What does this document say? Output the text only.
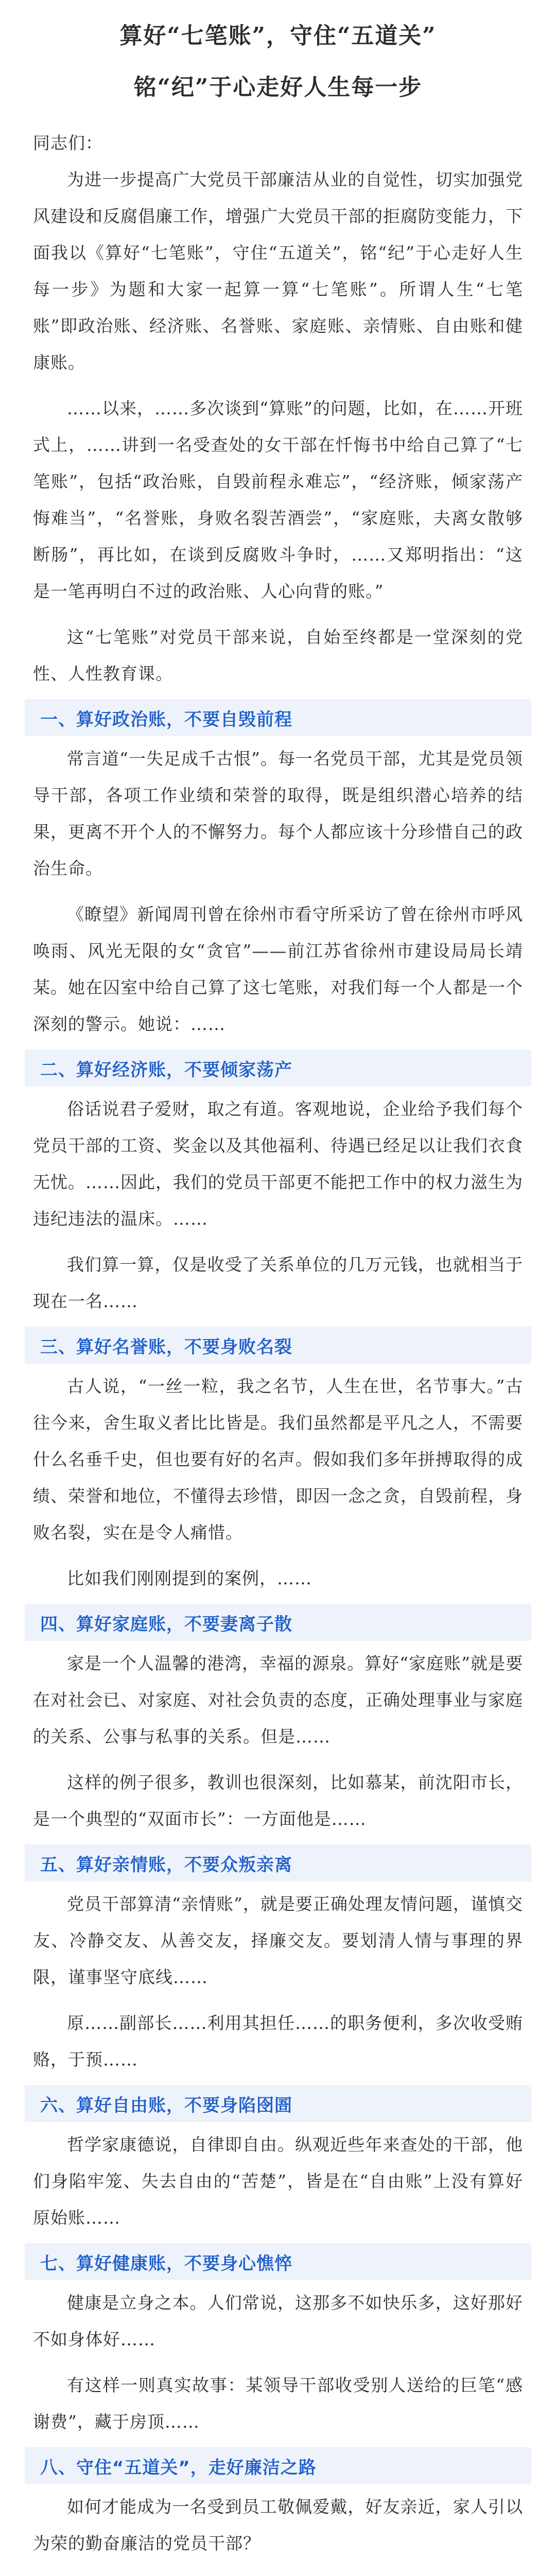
算好“七笔账”，守住“五道关”
铭“纪”于心走好人生每一步

同志们：

为进一步提高广大党员干部廉洁从业的自觉性，切实加强党风建设和反腐倡廉工作，增强广大党员干部的拒腐防变能力，下面我以《算好“七笔账”，守住“五道关”，铭“纪”于心走好人生每一步》为题和大家一起算一算“七笔账”。所谓人生“七笔账”即政治账、经济账、名誉账、家庭账、亲情账、自由账和健康账。

……以来，……多次谈到“算账”的问题，比如，在……开班式上，……讲到一名受查处的女干部在忏悔书中给自己算了“七笔账”，包括“政治账，自毁前程永难忘”，“经济账，倾家荡产悔难当”，“名誉账，身败名裂苦酒尝”，“家庭账，夫离女散够断肠”，再比如，在谈到反腐败斗争时，……又郑明指出：“这是一笔再明白不过的政治账、人心向背的账。”

这“七笔账”对党员干部来说，自始至终都是一堂深刻的党性、人性教育课。

一、算好政治账，不要自毁前程

常言道“一失足成千古恨”。每一名党员干部，尤其是党员领导干部，各项工作业绩和荣誉的取得，既是组织潜心培养的结果，更离不开个人的不懈努力。每个人都应该十分珍惜自己的政治生命。

《瞭望》新闻周刊曾在徐州市看守所采访了曾在徐州市呼风唤雨、风光无限的女“贪官”——前江苏省徐州市建设局局长靖某。她在囚室中给自己算了这七笔账，对我们每一个人都是一个深刻的警示。她说：……

二、算好经济账，不要倾家荡产

俗话说君子爱财，取之有道。客观地说，企业给予我们每个党员干部的工资、奖金以及其他福利、待遇已经足以让我们衣食无忧。……因此，我们的党员干部更不能把工作中的权力滋生为违纪违法的温床。……

我们算一算，仅是收受了关系单位的几万元钱，也就相当于现在一名……

三、算好名誉账，不要身败名裂

古人说，“一丝一粒，我之名节，人生在世，名节事大。”古往今来，舍生取义者比比皆是。我们虽然都是平凡之人，不需要什么名垂千史，但也要有好的名声。假如我们多年拼搏取得的成绩、荣誉和地位，不懂得去珍惜，即因一念之贪，自毁前程，身败名裂，实在是令人痛惜。

比如我们刚刚提到的案例，……

四、算好家庭账，不要妻离子散

家是一个人温馨的港湾，幸福的源泉。算好“家庭账”就是要在对社会已、对家庭、对社会负责的态度，正确处理事业与家庭的关系、公事与私事的关系。但是……

这样的例子很多，教训也很深刻，比如慕某，前沈阳市长，是一个典型的“双面市长”：一方面他是……

五、算好亲情账，不要众叛亲离

党员干部算清“亲情账”，就是要正确处理友情问题，谨慎交友、冷静交友、从善交友，择廉交友。要划清人情与事理的界限，谨事坚守底线……

原……副部长……利用其担任……的职务便利，多次收受贿赂，于预……

六、算好自由账，不要身陷囹圄

哲学家康德说，自律即自由。纵观近些年来查处的干部，他们身陷牢笼、失去自由的“苦楚”，皆是在“自由账”上没有算好原始账……

七、算好健康账，不要身心憔悴

健康是立身之本。人们常说，这那多不如快乐多，这好那好不如身体好……

有这样一则真实故事：某领导干部收受别人送给的巨笔“感谢费”，藏于房顶……

八、守住“五道关”，走好廉洁之路

如何才能成为一名受到员工敬佩爱戴，好友亲近，家人引以为荣的勤奋廉洁的党员干部？
